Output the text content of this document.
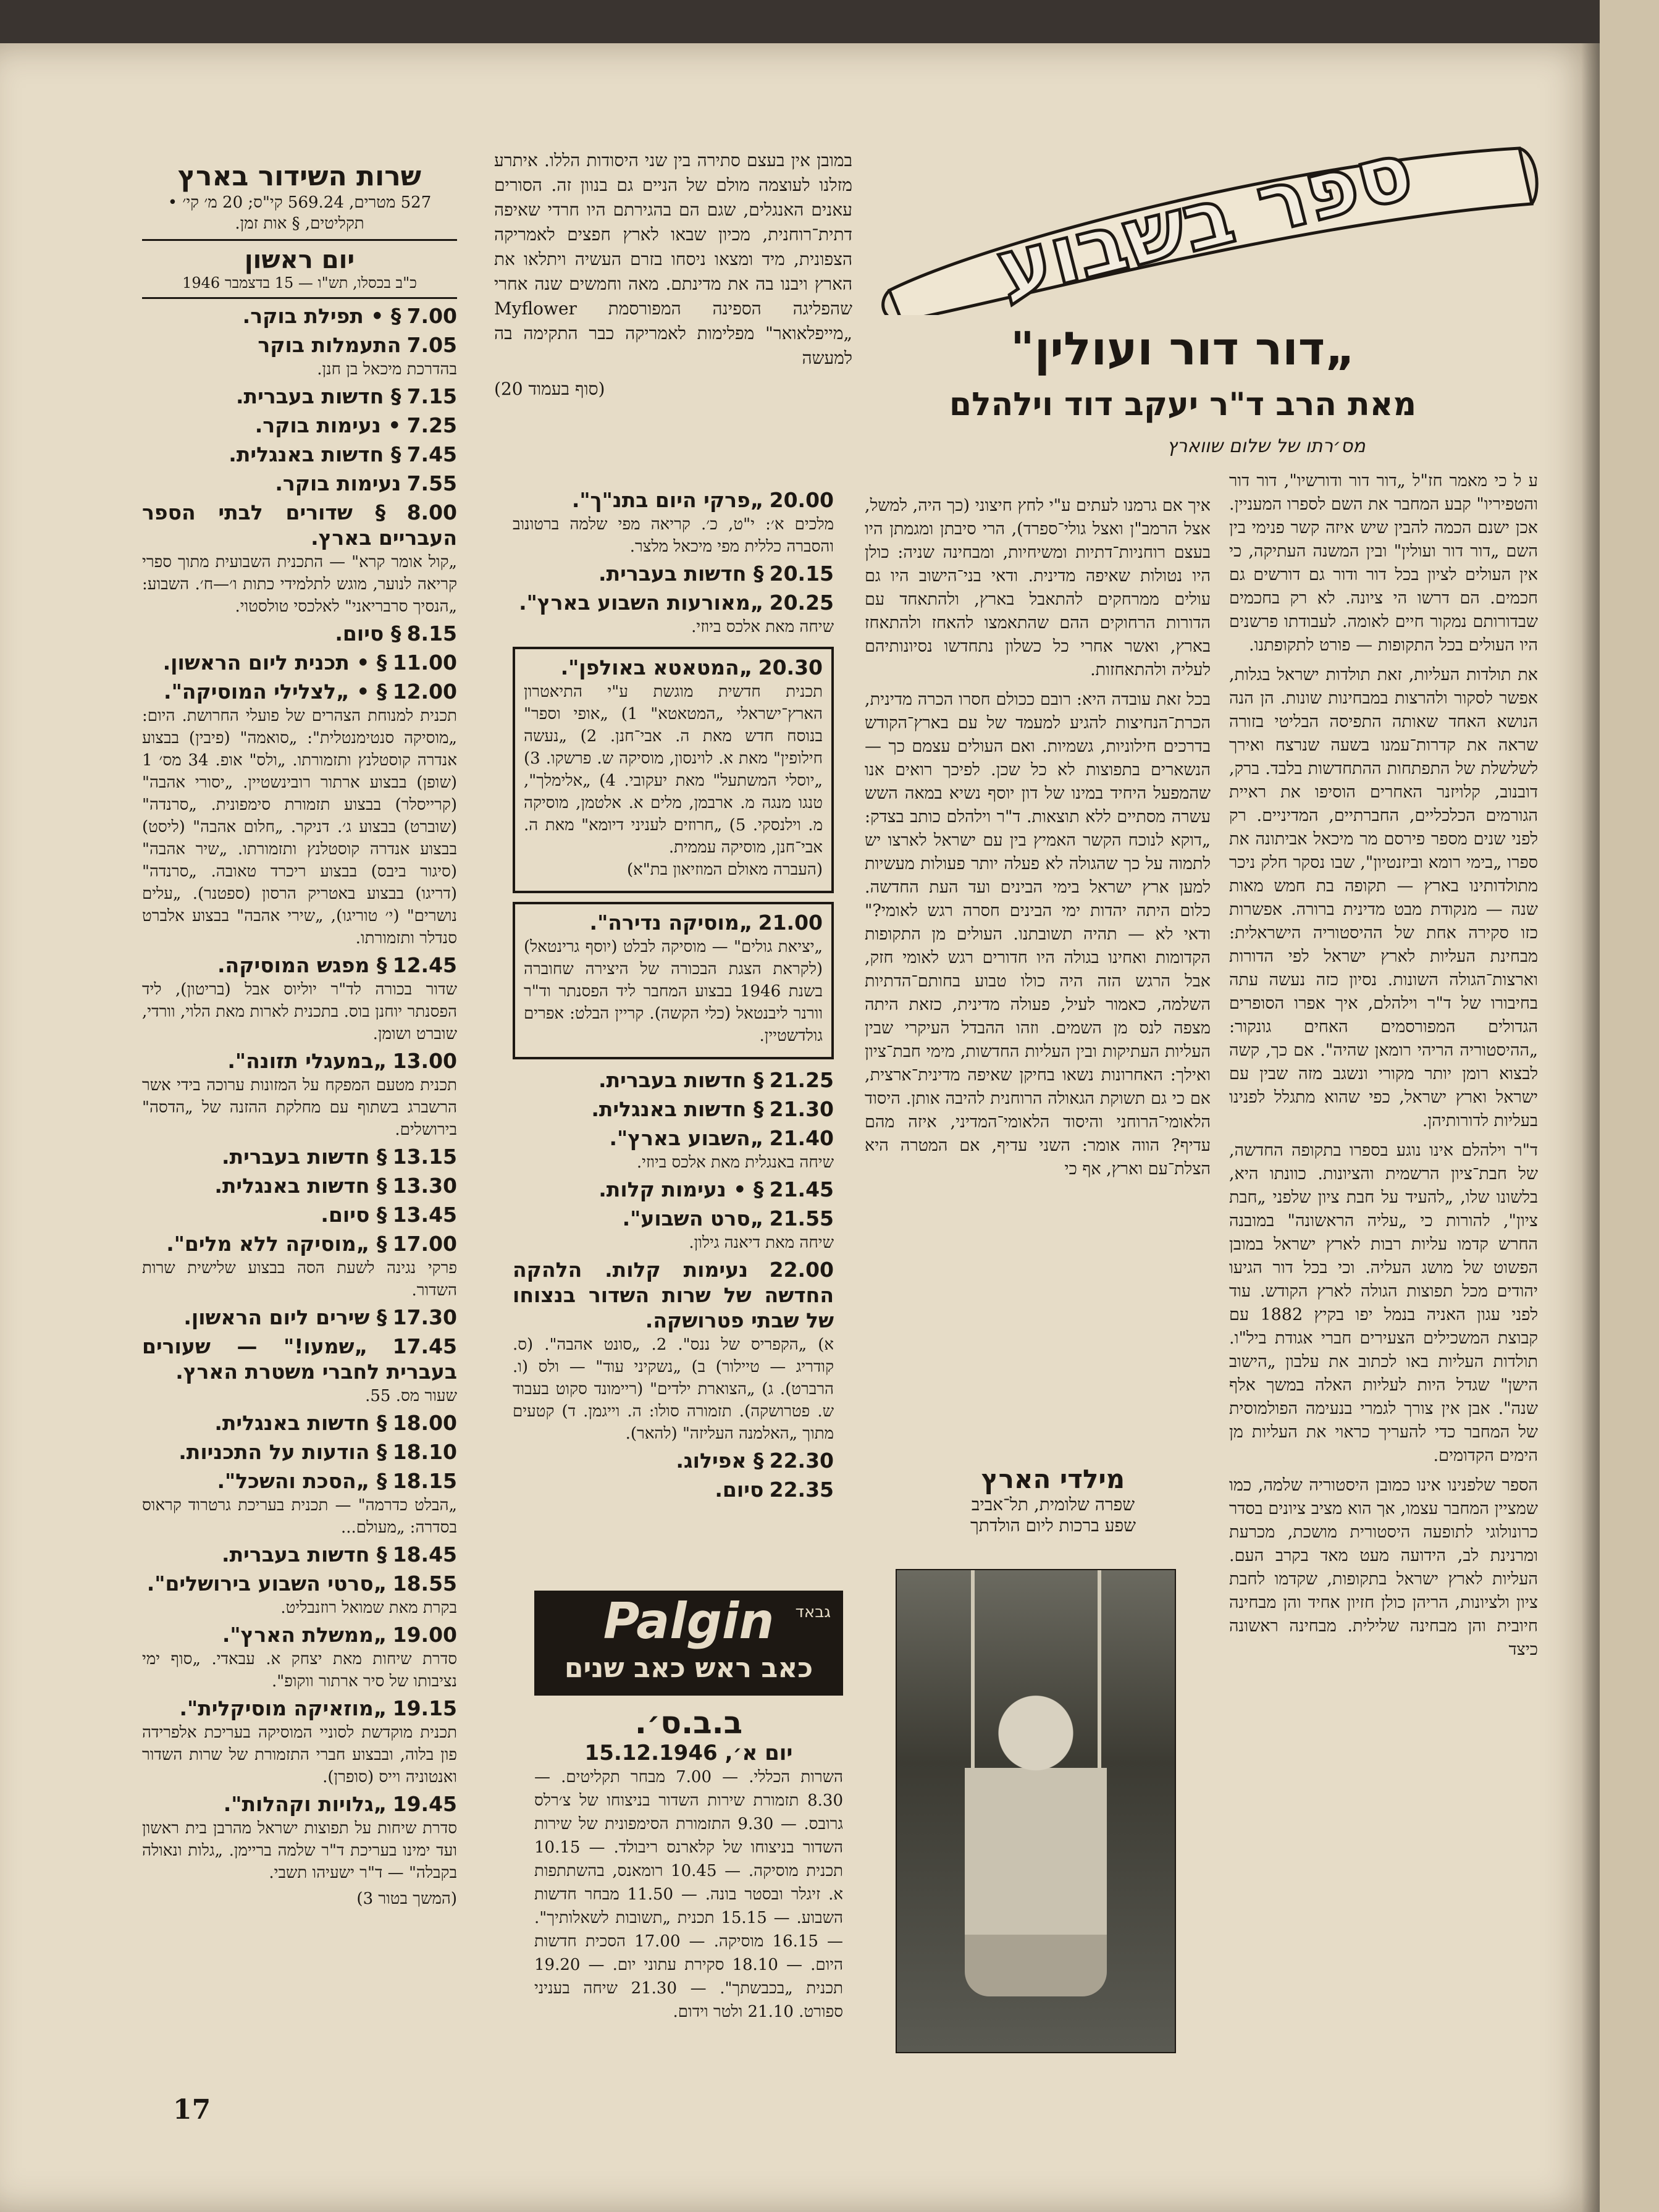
ספר בשבוע
„דור דור ועולין"
מאת הרב ד"ר יעקב דוד וילהלם
מס׳רתו של שלום שווארץ

ע ל כי מאמר חז"ל „דור דור ודורשיו", דור דור והטפיריו" קבע המחבר את השם לספרו המעניין. אכן ישנם הכמה להבין שיש איזה קשר פנימי בין השם „דור דור ועולין" ובין המשנה העתיקה, כי אין העולים לציון בכל דור ודור גם דורשים גם חכמים. הם דרשו הי ציונה. לא רק בחכמים שבדורותם נמקור חיים לאומה. לעבודתו פרשנים היו העולים בכל התקופות — פורט לתקופתנו.

את תולדות העליות, זאת תולדות ישראל בגלות, אפשר לסקור ולהרצות במבחינות שונות. הן הנה הנושא האחד שאותה התפיסה הבליטי בזורה שראה את קדרות־עמנו בשעה שנרצח ואירך לשלשלת של התפתחות ההתחדשות בלבד. ברק, דובנוב, קלויזנר האחרים הוסיפו את ראיית הגורמים הכלכליים, החברתיים, המדיניים. רק לפני שנים מספר פירסם מר מיכאל אביתונה את ספרו „בימי רומא וביזנטיון", שבו נסקר חלק ניכר מתולדותינו בארץ — תקופה בת חמש מאות שנה — מנקודת מבט מדינית ברורה. אפשרות כזו סקירה אחת של ההיסטוריה הישראלית: מבחינת העליות לארץ ישראל לפי הדורות וארצות־הגולה השונות. נסיון כזה נעשה עתה בחיבורו של ד"ר וילהלם, איך אפרו הסופרים הגדולים המפורסמים האחים גונקור: „ההיסטוריה הריהי רומאן שהיה". אם כך, קשה לבצוא רומן יותר מקורי ונשגב מזה שבין עם ישראל וארץ ישראל, כפי שהוא מתגלל לפנינו בעליות לדורותיהן.

ד"ר וילהלם אינו נוגע בספרו בתקופה החדשה, של חבת־ציון הרשמית והציונות. כוונתו היא, בלשונו שלו, „להעיד על חבת ציון שלפני „חבת ציון", להורות כי „עליה הראשונה" במובנה החרש קדמו עליות רבות לארץ ישראל במובן הפשוט של מושג העליה. וכי בכל דור הגיעו יהודים מכל תפוצות הגולה לארץ הקודש. עוד לפני עגון האניה בנמל יפו בקיץ 1882 עם קבוצת המשכילים הצעירים חברי אגודת ביל"ו. תולדות העליות באו לכתוב את עלבון „הישוב הישן" שגדל היות לעליות האלה במשך אלף שנה". אבן אין צורך לגמרי בנעימה הפולמוסית של המחבר כדי להעריך כראוי את העליות מן הימים הקדומים.

הספר שלפנינו אינו כמובן היסטוריה שלמה, כמו שמציין המחבר עצמו, אך הוא מציב ציונים בסדר כרונולוגי לתופעה היסטורית מושכת, מכרעת ומרנינת לב, הידועה מעט מאד בקרב העם. העליות לארץ ישראל בתקופות, שקדמו לחבת ציון ולציונות, הריהן כולן חזיון אחיד והן מבחינה חיובית והן מבחינה שלילית. מבחינה ראשונה כיצד

איך אם גרמנו לעתים ע"י לחץ חיצוני (כך היה, למשל, אצל הרמב"ן ואצל גולי־ספרד), הרי סיבתן ומגמתן היו בעצם רוחניות־דתיות ומשיחיות, ומבחינה שניה: כולן היו נטולות שאיפה מדינית. ודאי בני־הישוב היו גם עולים ממרחקים להתאבל בארץ, ולהתאחד עם הדורות הרחוקים ההם שהתאמצו להאחז ולהתאחז בארץ, ואשר אחרי כל כשלון נתחדשו נסיונותיהם לעליה ולהתאחזות.

בכל זאת עובדה היא: רובם ככולם חסרו הכרה מדינית, הכרת־הנחיצות להגיע למעמד של עם בארץ־הקודש בדרכים חילוניות, גשמיות. ואם העולים עצמם כך — הנשארים בתפוצות לא כל שכן. לפיכך רואים אנו שהמפעל היחיד במינו של דון יוסף נשיא במאה השש עשרה מסתיים ללא תוצאות. ד"ר וילהלם כותב בצדק: „דוקא לנוכח הקשר האמיץ בין עם ישראל לארצו יש לתמוה על כך שהגולה לא פעלה יותר פעולות מעשיות למען ארץ ישראל בימי הבינים ועד העת החדשה. כלום היתה יהדות ימי הבינים חסרה רגש לאומי?" ודאי לא — תהיה תשובתנו. העולים מן התקופות הקדומות ואחינו בגולה היו חדורים רגש לאומי חזק, אבל הרגש הזה היה כולו טבוע בחותם־הדתיות השלמה, כאמור לעיל, פעולה מדינית, כזאת היתה מצפה לנס מן השמים. וזהו ההבדל העיקרי שבין העליות העתיקות ובין העליות החדשות, מימי חבת־ציון ואילך: האחרונות נשאו בחיקן שאיפה מדינית־ארצית, אם כי גם תשוקת הגאולה הרוחנית להיבה אותן. היסוד הלאומי־הרוחני והיסוד הלאומי־המדיני, איזה מהם עדיף? הווה אומר: השני עדיף, אם המטרה היא הצלת־עם וארץ, אף כי

מילדי הארץ
שפרה שלומית, תל־אביב
שפע ברכות ליום הולדתך

במובן אין בעצם סתירה בין שני היסודות הללו. איתרע מזלנו לעוצמה מולם של הניים גם בנוון זה. הסורים עאנים האנגלים, שגם הם בהגירתם היו חרדי שאיפה דתית־רוחנית, מכיון שבאו לארץ חפצים לאמריקה הצפונית, מיד ומצאו ניסחו בזרם העשיה ויתלאו את הארץ ויבנו בה את מדינתם. מאה וחמשים שנה אחרי שהפליגה הספינה המפורסמת Myflower „מייפלאואר" מפלימות לאמריקה כבר התקימה בה למעשה

(סוף בעמוד 20)

20.00 „פרקי היום בתנ"ך".
מלכים א׳: י"ט, כ׳. קריאה מפי שלמה ברטונוב והסברה כללית מפי מיכאל מלצר.
20.15 § חדשות בעברית.
20.25 „מאורעות השבוע בארץ".
שיחה מאת אלכס ביוזי.
20.30 „המטאטא באולפן".
תכנית חדשית מוגשת ע"י התיאטרון הארץ־ישראלי „המטאטא" 1) „אופי וספר" בנוסח חדש מאת ה. אבי־חנן. 2) „נעשה חילופין" מאת א. לוינסון, מוסיקה ש. פרשקו. 3) „יוסלי המשתעל" מאת יעקובי. 4) „אלימלך", טנגו מנגה מ. ארבמן, מלים א. אלטמן, מוסיקה מ. וילנסקי. 5) „חרוזים לעניני דיומא" מאת ה. אבי־חנן, מוסיקה עממית.
(העברה מאולם המוזיאון בת"א)
21.00 „מוסיקה נדירה".
„יציאת גולים" — מוסיקה לבלט (יוסף גרינטאל) (לקראת הצגת הבכורה של היצירה שחוברה בשנת 1946 בבצוע המחבר ליד הפסנתר וד"ר וורנר ליבנטאל (כלי הקשה). קריין הבלט: אפרים גולדשטיין.
21.25 § חדשות בעברית.
21.30 § חדשות באנגלית.
21.40 „השבוע בארץ".
שיחה באנגלית מאת אלכס ביוזי.
21.45 § • נעימות קלות.
21.55 „סרט השבוע".
שיחה מאת דיאנה גילון.
22.00 נעימות קלות. הלהקה החדשה של שרות השדור בנצוחו של שבתי פטרושקה.
א) „הקפריס של ננס". 2. „סונט אהבה". (ס. קודריג — טיילור) ב) „נשקיני עוד" — ולס (ו. הרברט). ג) „הצוארת ילדים" (ריימונד סקוט בעבוד ש. פטרושקה). תזמורה סולו: ה. וייגמן. ד) קטעים מתוך „האלמנה העליזה" (להאר).
22.30 § אפילוג.
22.35 סיום.
Palgin
כאב ראש כאב שנים
גבאד
ב.ב.ס׳.
יום א׳, 15.12.1946

השרות הכללי. — 7.00 מבחר תקליטים. — 8.30 תזמורת שירות השדור בניצוחו של צ׳רלס גרובס. — 9.30 התזמורת הסימפונית של שירות השדור בניצוחו של קלארנס ריבולד. — 10.15 תכנית מוסיקה. — 10.45 רומאנס, בהשתתפות א. זיגלר ובסטר בונה. — 11.50 מבחר חדשות השבוע. — 15.15 תכנית „תשובות לשאלותיך". — 16.15 מוסיקה. — 17.00 הסכית חדשות היום. — 18.10 סקירת עתוני יום. — 19.20 תכנית „בכבשתך". — 21.30 שיחה בעניני ספורט. 21.10 ולטר וידום.

שרות השידור בארץ
527 מטרים, 569.24 קי"ס; 20 מ׳ קי׳ • תקליטים, § אות זמן.
יום ראשון
כ"ב בכסלו, תש"ו — 15 בדצמבר 1946
7.00 § • תפילת בוקר.
7.05 התעמלות בוקר
בהדרכת מיכאל בן חנן.
7.15 § חדשות בעברית.
7.25 • נעימות בוקר.
7.45 § חדשות באנגלית.
7.55 נעימות בוקר.
8.00 § שדורים לבתי הספר העבריים בארץ.
„קול אומר קרא" — התכנית השבועית מתוך ספרי קריאה לנוער, מוגש לתלמידי כתות ו׳—ח׳. השבוע: „הנסיך סרבריאני" לאלכסי טולסטוי.
8.15 § סיום.
11.00 § • תכנית ליום הראשון.
12.00 § • „לצלילי המוסיקה".
תכנית למנוחת הצהרים של פועלי החרושת. היום: „מוסיקה סנטימנטלית": „סואמה" (פיבין) בבצוע אנדרה קוסטלנץ ותזמורתו. „ולס" אופ. 34 מס׳ 1 (שופן) בבצוע ארתור רובינשטיין. „יסורי אהבה" (קרייסלר) בבצוע תזמורת סימפונית. „סרנדה" (שוברט) בבצוע ג׳. דניקר. „חלום אהבה" (ליסט) בבצוע אנדרה קוסטלנץ ותזמורתו. „שיר אהבה" (סיגור ביבס) בבצוע ריכרד טאובה. „סרנדה" (דריגו) בבצוע באטריק הרסון (ספטנר). „עלים נושרים" (י׳ טוריגו), „שירי אהבה" בבצוע אלברט סנדלר ותזמורתו.
12.45 § מפגש המוסיקה.
שדור בכורה לד"ר יוליוס אבל (בריטון), ליד הפסנתר יוחנן בוס. בתכנית לארות מאת הלוי, וורדי, שוברט ושומן.
13.00 „במעגלי תזונה".
תכנית מטעם המפקח על המזונות ערוכה בידי אשר הרשברג בשתוף עם מחלקת ההזנה של „הדסה" בירושלים.
13.15 § חדשות בעברית.
13.30 § חדשות באנגלית.
13.45 § סיום.
17.00 § „מוסיקה ללא מלים".
פרקי נגינה לשעת הסה בבצוע שלישית שרות השדור.
17.30 § שירים ליום הראשון.
17.45 „שמעו!" — שעורים בעברית לחברי משטרת הארץ.
שעור מס. 55.
18.00 § חדשות באנגלית.
18.10 § הודעות על התכניות.
18.15 § „הסכת והשכל".
„הבלט כדרמה" — תכנית בעריכת גרטרוד קראוס בסדרה: „מעולם...
18.45 § חדשות בעברית.
18.55 „סרטי השבוע בירושלים".
בקרת מאת שמואל רוזנבליט.
19.00 „ממשלת הארץ".
סדרת שיחות מאת יצחק א. עבאדי. „סוף ימי נציבותו של סיר ארתור ווקופ".
19.15 „מוזאיקה מוסיקלית".
תכנית מוקדשת לסוניי המוסיקה בעריכת אלפרידה פון בלוה, ובבצוע חברי התזמורת של שרות השדור ואנטוניה וייס (סופרן).
19.45 „גלויות וקהלות".
סדרת שיחות על תפוצות ישראל מהרבן בית ראשון ועד ימינו בעריכת ד"ר שלמה בריימן. „גלות ונאולה בקבלה" — ד"ר ישעיהו תשבי.
(המשך בטור 3)
17
